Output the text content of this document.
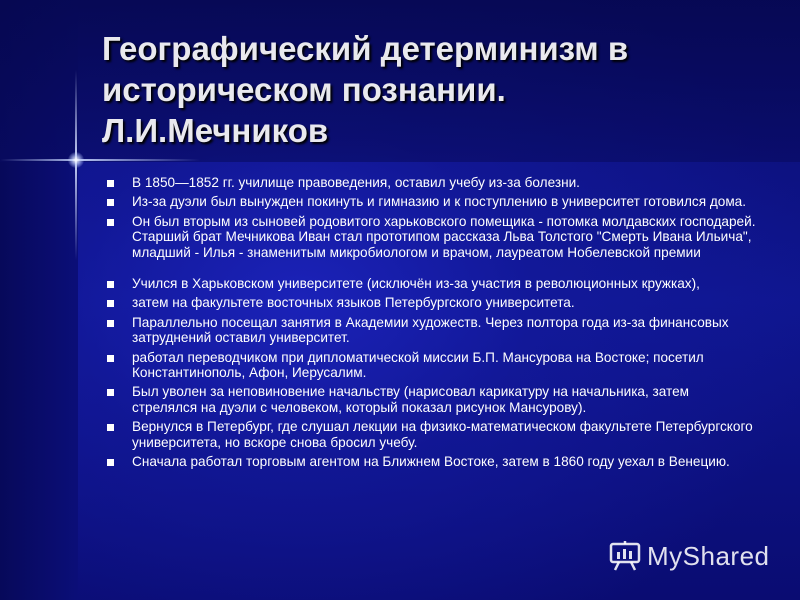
Географический детерминизм в
историческом познании.
Л.И.Мечников
В 1850—1852 гг. училище правоведения, оставил учебу из-за болезни.
Из-за дуэли был вынужден покинуть и гимназию и к поступлению в университет готовился дома.
Он был вторым из сыновей родовитого харьковского помещика - потомка молдавских господарей. Старший брат Мечникова Иван стал прототипом рассказа Льва Толстого "Смерть Ивана Ильича", младший - Илья - знаменитым микробиологом и врачом, лауреатом Нобелевской премии
Учился в Харьковском университете (исключён из-за участия в революционных кружках),
затем на факультете восточных языков Петербургского университета.
Параллельно посещал занятия в Академии художеств. Через полтора года из-за финансовых затруднений оставил университет.
работал переводчиком при дипломатической миссии Б.П. Мансурова на Востоке; посетил Константинополь, Афон, Иерусалим.
Был уволен за неповиновение начальству (нарисовал карикатуру на начальника, затем стрелялся на дуэли с человеком, который показал рисунок Мансурову).
Вернулся в Петербург, где слушал лекции на физико-математическом факультете Петербургского университета, но вскоре снова бросил учебу.
Сначала работал торговым агентом на Ближнем Востоке, затем в 1860 году уехал в Венецию.
MyShared
